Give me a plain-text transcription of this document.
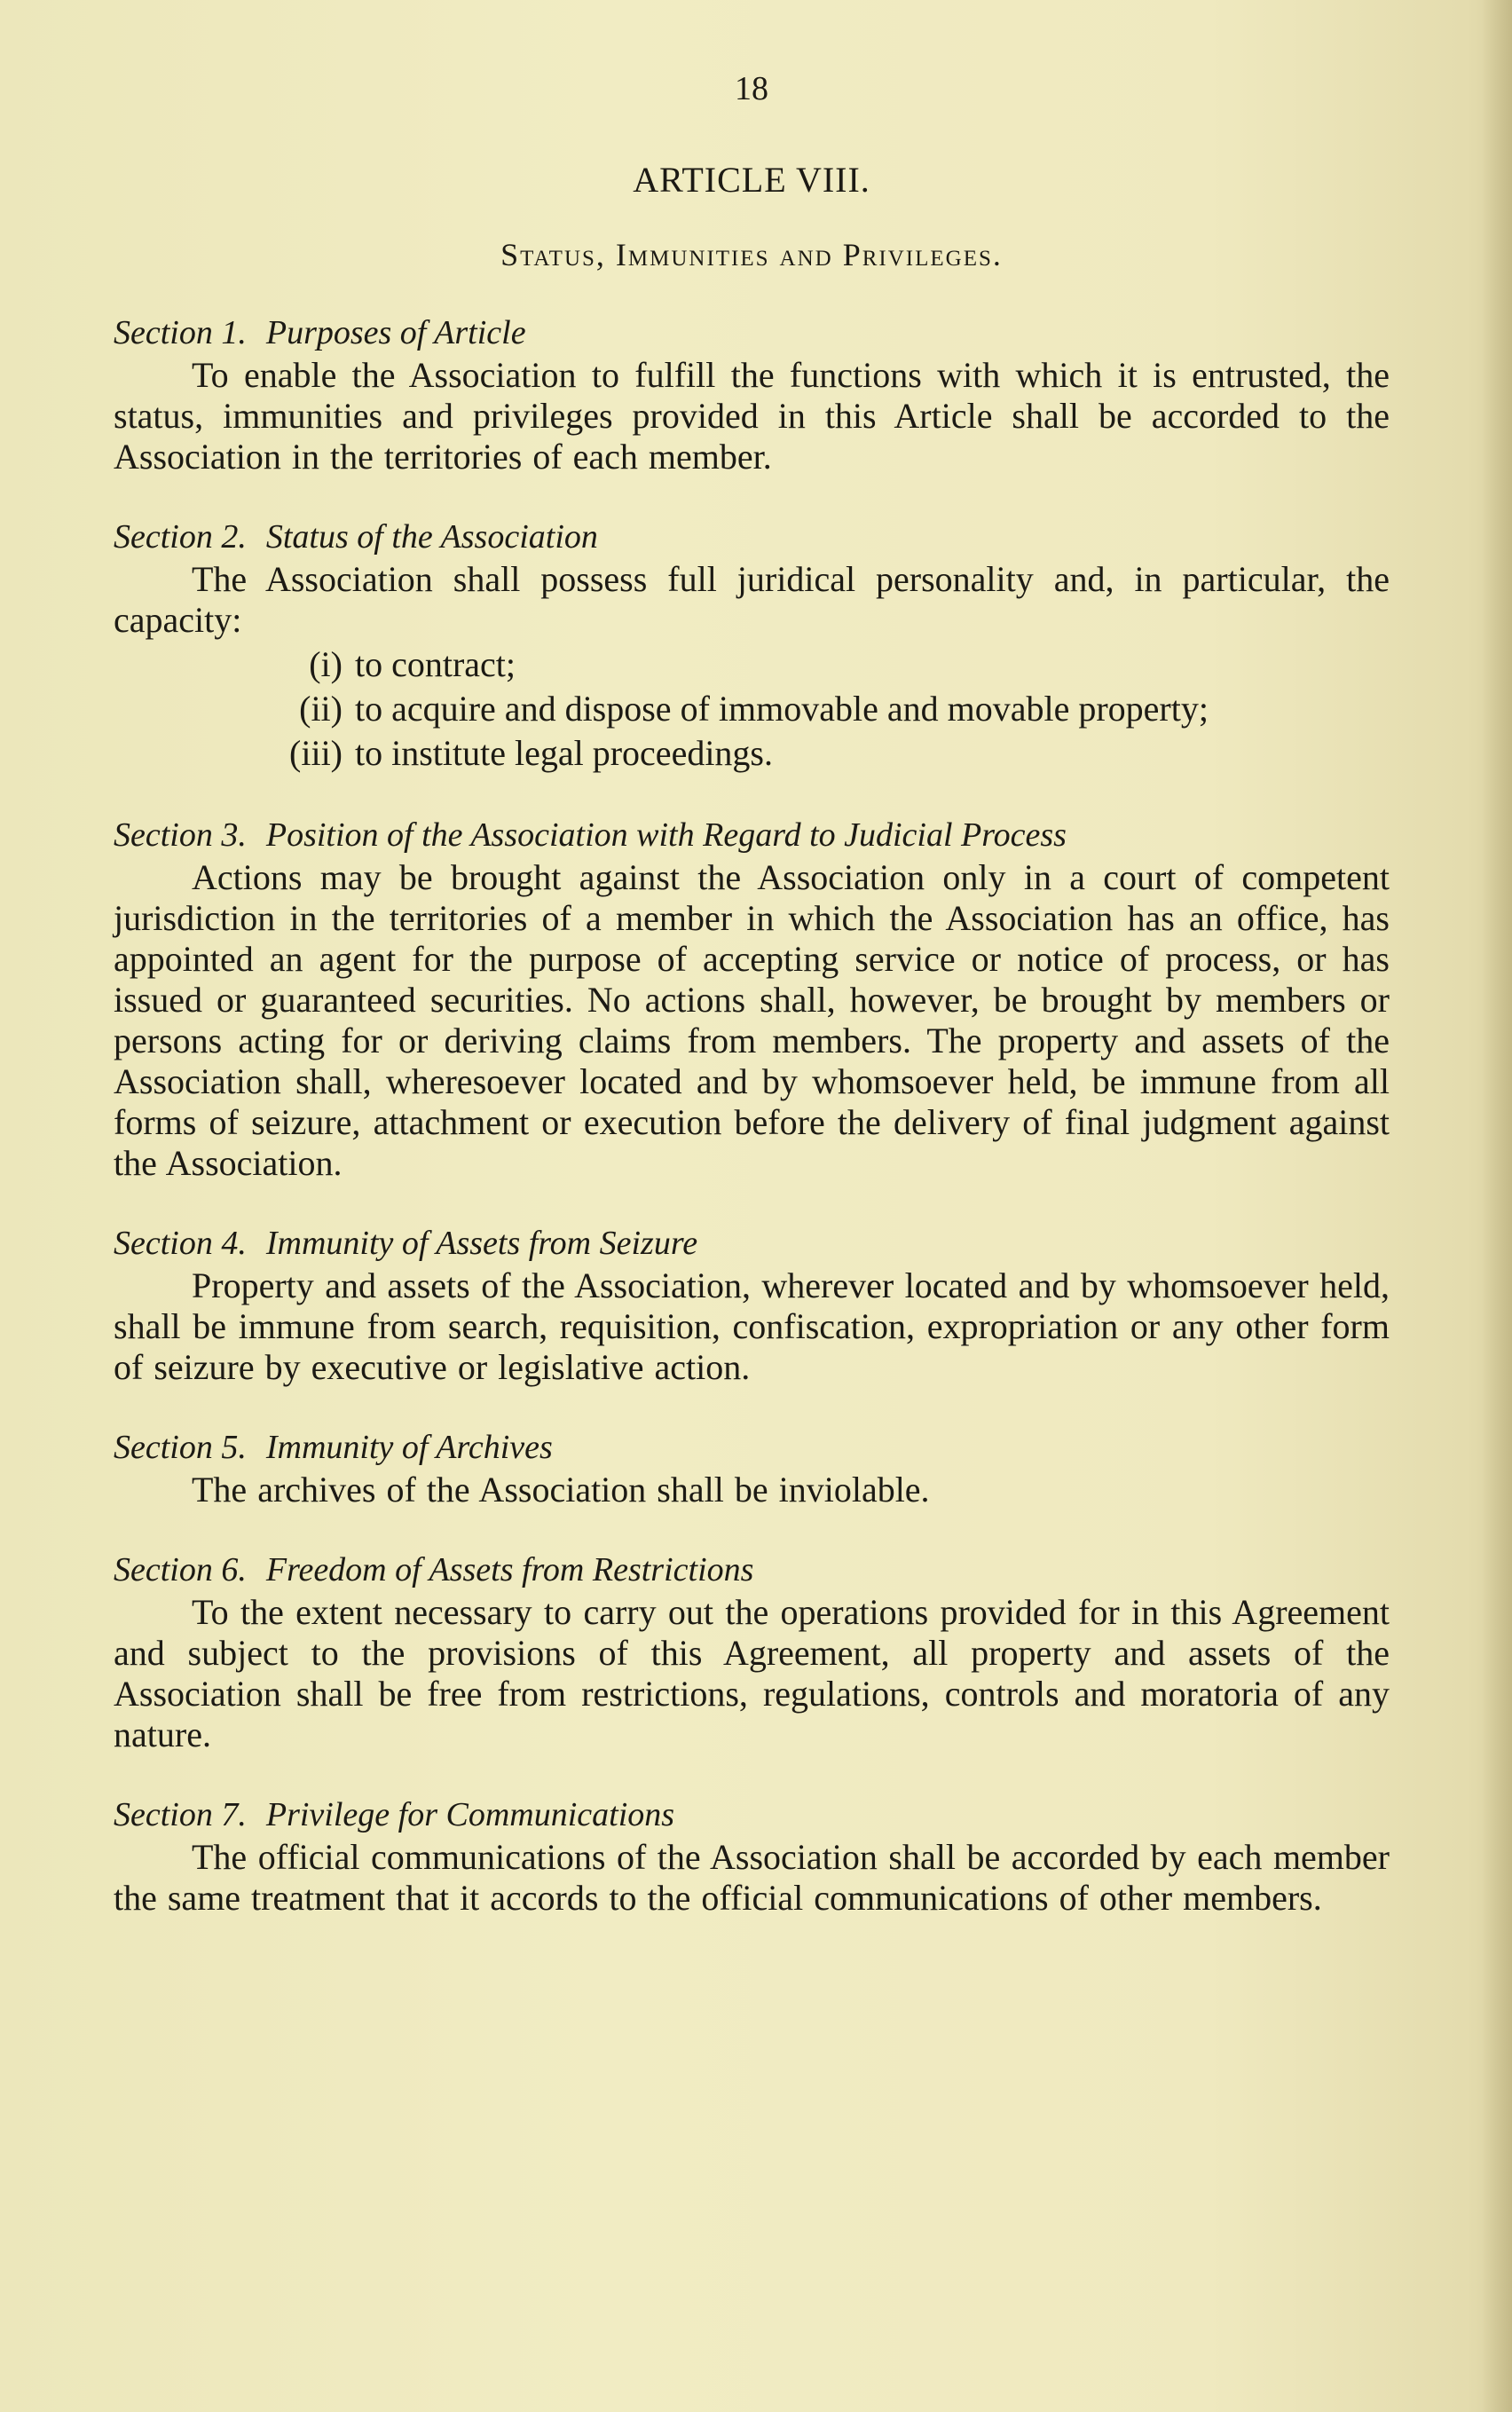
18
ARTICLE VIII.
Status, Immunities and Privileges.

Section 1. Purposes of Article

To enable the Association to fulfill the functions with which it is entrusted, the status, immunities and privileges provided in this Article shall be accorded to the Association in the territories of each member.

Section 2. Status of the Association

The Association shall possess full juridical personality and, in particular, the capacity:

(i) to contract;
(ii) to acquire and dispose of immovable and movable property;
(iii) to institute legal proceedings.

Section 3. Position of the Association with Regard to Judicial Process

Actions may be brought against the Association only in a court of competent jurisdiction in the territories of a member in which the Association has an office, has appointed an agent for the purpose of accepting service or notice of process, or has issued or guaranteed securities. No actions shall, however, be brought by members or persons acting for or deriving claims from members. The property and assets of the Association shall, wheresoever located and by whomsoever held, be immune from all forms of seizure, attachment or execution before the delivery of final judgment against the Association.

Section 4. Immunity of Assets from Seizure

Property and assets of the Association, wherever located and by whomsoever held, shall be immune from search, requisition, confiscation, expropriation or any other form of seizure by executive or legislative action.

Section 5. Immunity of Archives

The archives of the Association shall be inviolable.

Section 6. Freedom of Assets from Restrictions

To the extent necessary to carry out the operations provided for in this Agreement and subject to the provisions of this Agreement, all property and assets of the Association shall be free from restrictions, regulations, controls and moratoria of any nature.

Section 7. Privilege for Communications

The official communications of the Association shall be accorded by each member the same treatment that it accords to the official communications of other members.
